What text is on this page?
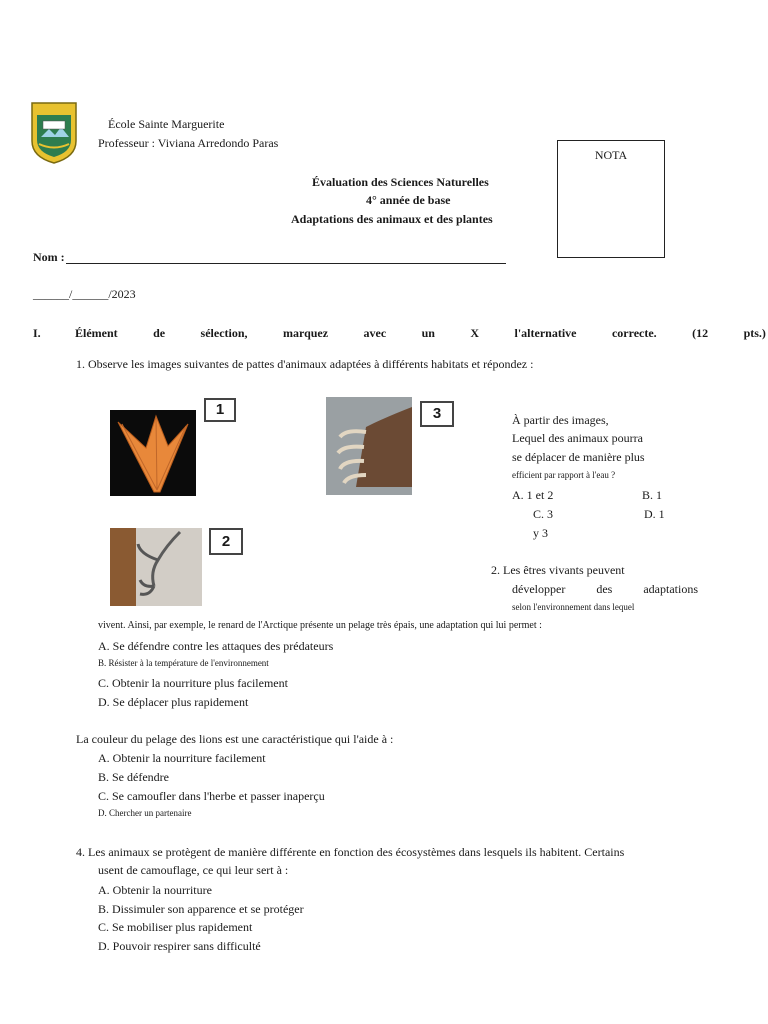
École Sainte Marguerite
Professeur : Viviana Arredondo Paras
NOTA
Évaluation des Sciences Naturelles
4° année de base
Adaptations des animaux et des plantes
Nom :
______/______/2023
I.	Élément	de	sélection,	marquez	avec	un	X	l'alternative	correcte.	(12	pts.)
1. Observe les images suivantes de pattes d'animaux adaptées à différents habitats et répondez :
1	3
2
À partir des images,
Lequel des animaux pourra
se déplacer de manière plus
efficient par rapport à l'eau ?
A. 1 et 2	B. 1
C. 3	D. 1
y 3
2. Les êtres vivants peuvent
développer	des	adaptations
selon l'environnement dans lequel
vivent. Ainsi, par exemple, le renard de l'Arctique présente un pelage très épais, une adaptation qui lui permet :
A. Se défendre contre les attaques des prédateurs
B. Résister à la température de l'environnement
C. Obtenir la nourriture plus facilement
D. Se déplacer plus rapidement
La couleur du pelage des lions est une caractéristique qui l'aide à :
A. Obtenir la nourriture facilement
B. Se défendre
C. Se camoufler dans l'herbe et passer inaperçu
D. Chercher un partenaire
4. Les animaux se protègent de manière différente en fonction des écosystèmes dans lesquels ils habitent. Certains
usent de camouflage, ce qui leur sert à :
A. Obtenir la nourriture
B. Dissimuler son apparence et se protéger
C. Se mobiliser plus rapidement
D. Pouvoir respirer sans difficulté
